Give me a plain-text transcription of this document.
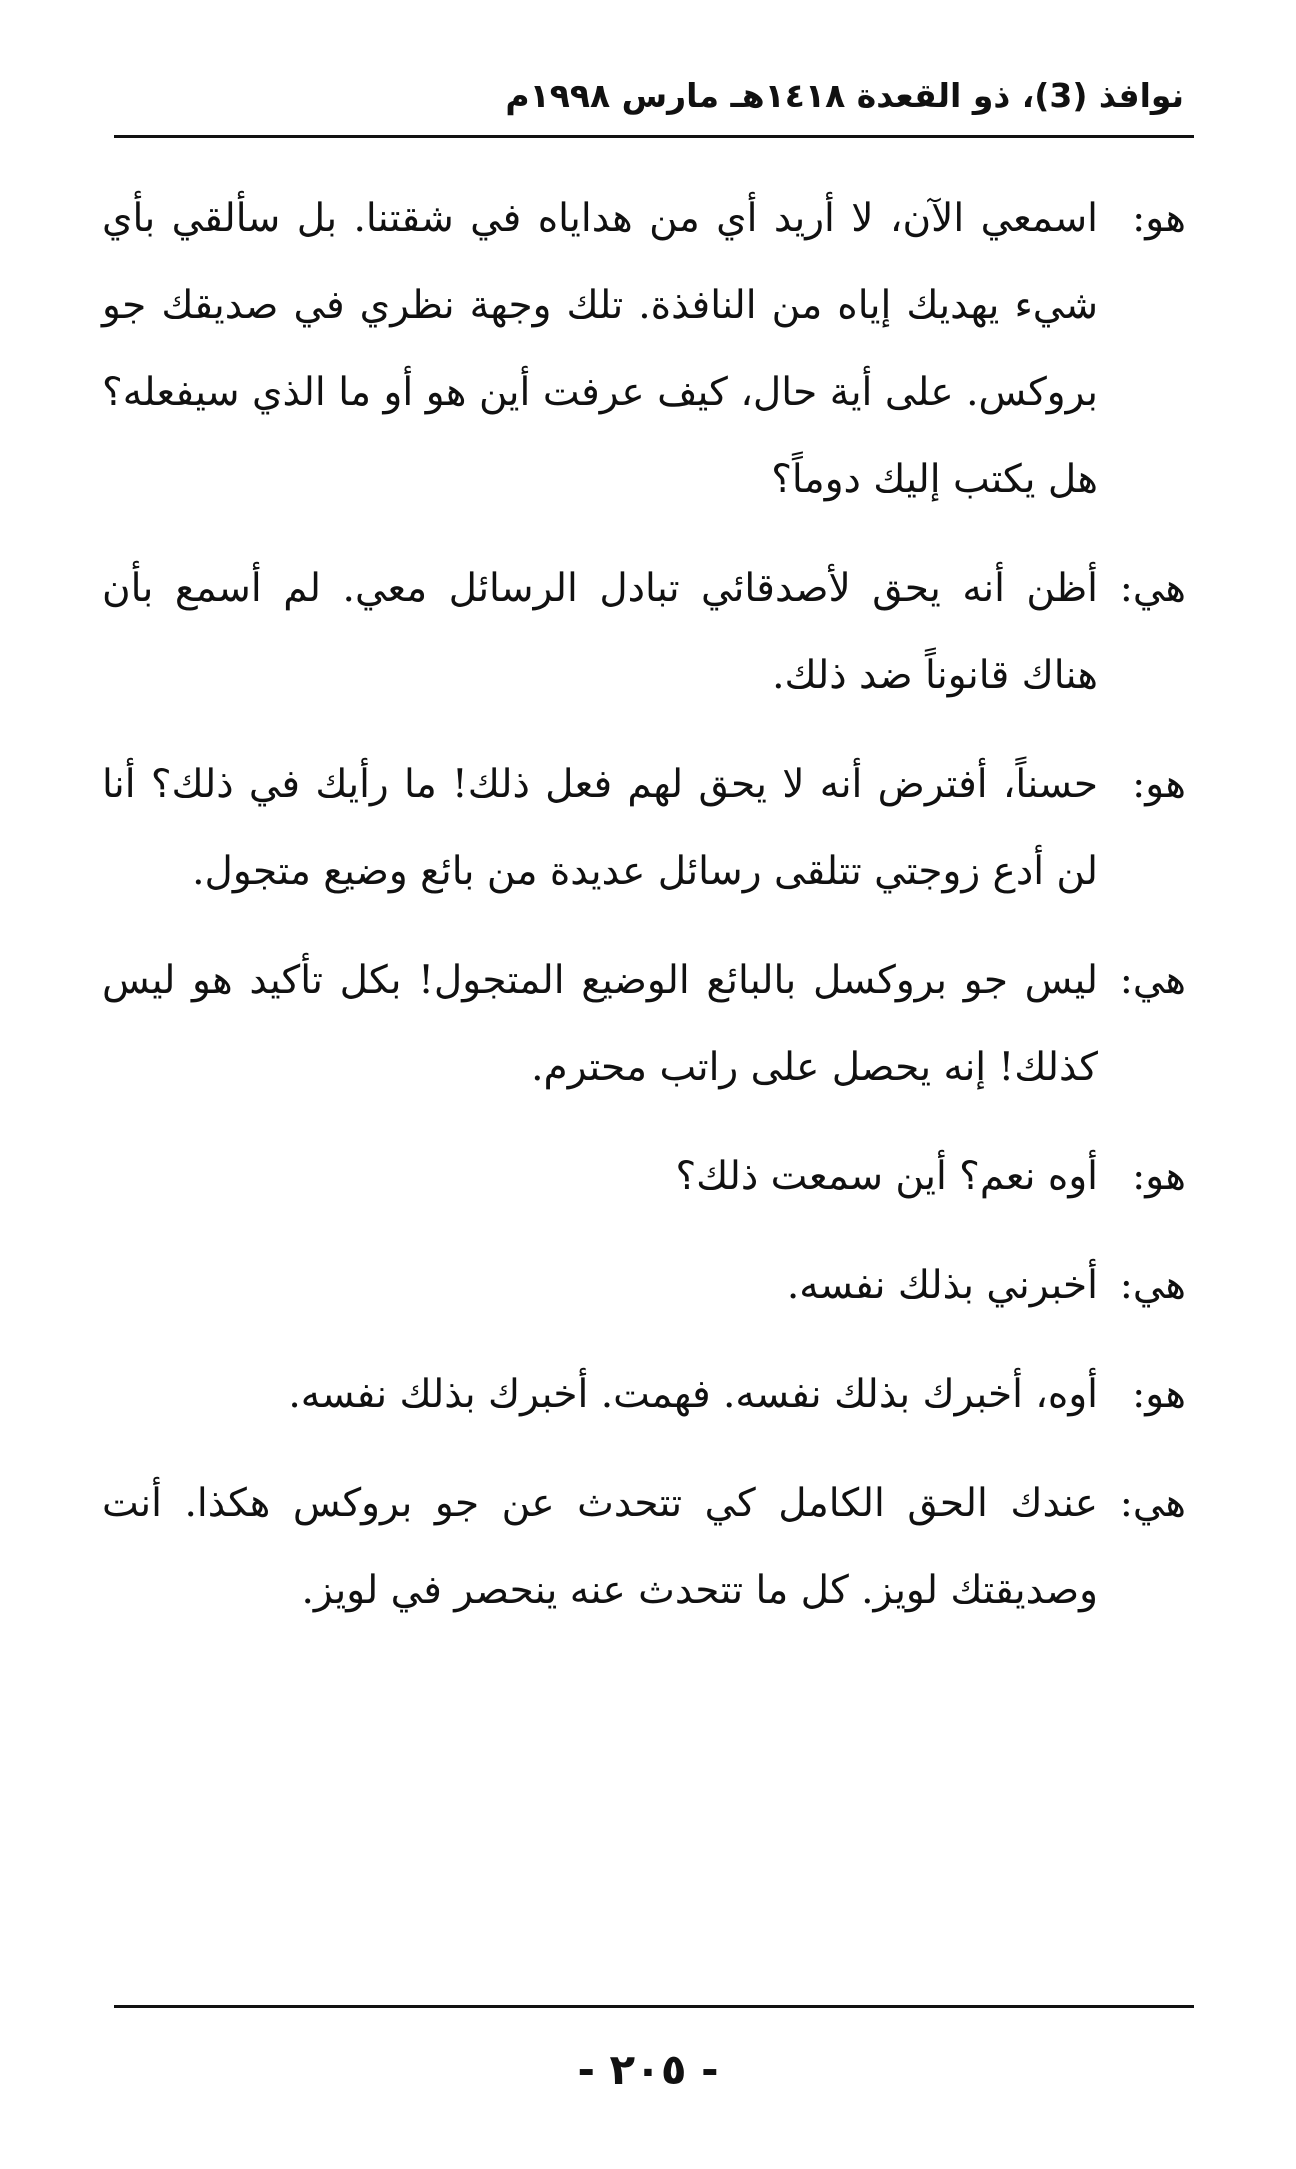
نوافذ (3)، ذو القعدة ١٤١٨هـ مارس ١٩٩٨م
هو:
اسمعي الآن، لا أريد أي من هداياه في شقتنا. بل سألقي بأي شيء يهديك إياه من النافذة. تلك وجهة نظري في صديقك جو بروكس. على أية حال، كيف عرفت أين هو أو ما الذي سيفعله؟ هل يكتب إليك دوماً؟
هي:
أظن أنه يحق لأصدقائي تبادل الرسائل معي. لم أسمع بأن هناك قانوناً ضد ذلك.
هو:
حسناً، أفترض أنه لا يحق لهم فعل ذلك! ما رأيك في ذلك؟ أنا لن أدع زوجتي تتلقى رسائل عديدة من بائع وضيع متجول.
هي:
ليس جو بروكسل بالبائع الوضيع المتجول! بكل تأكيد هو ليس كذلك! إنه يحصل على راتب محترم.
هو:
أوه نعم؟ أين سمعت ذلك؟
هي:
أخبرني بذلك نفسه.
هو:
أوه، أخبرك بذلك نفسه. فهمت. أخبرك بذلك نفسه.
هي:
عندك الحق الكامل كي تتحدث عن جو بروكس هكذا. أنت وصديقتك لويز. كل ما تتحدث عنه ينحصر في لويز.
- ٢٠٥ -
